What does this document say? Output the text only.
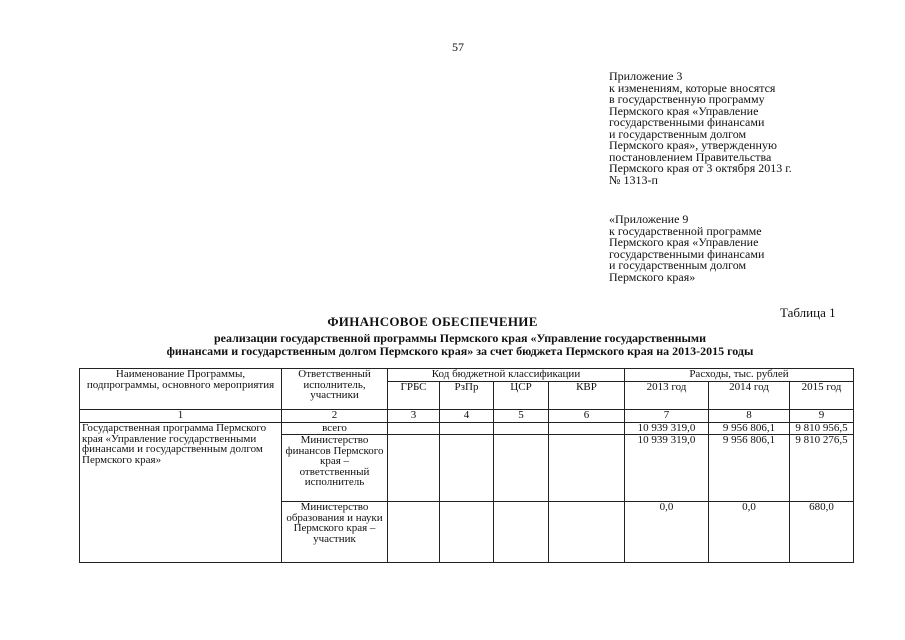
57
Приложение 3
к изменениям, которые вносятся
в государственную программу
Пермского края «Управление
государственными финансами
и государственным долгом
Пермского края», утвержденную
постановлением Правительства
Пермского края от 3 октября 2013 г.
№ 1313-п
«Приложение 9
к государственной программе
Пермского края «Управление
государственными финансами
и государственным долгом
Пермского края»
Таблица 1
ФИНАНСОВОЕ ОБЕСПЕЧЕНИЕ
реализации государственной программы Пермского края «Управление государственными
финансами и государственным долгом Пермского края» за счет бюджета Пермского края на 2013-2015 годы
Наименование Программы, подпрограммы, основного мероприятия	Ответственный исполнитель, участники	Код бюджетной классификации				Расходы, тыс. рублей		
		ГРБС	РзПр	ЦСР	КВР	2013 год	2014 год	2015 год
1	2	3	4	5	6	7	8	9
Государственная программа Пермского края «Управление государственными финансами и государственным долгом Пермского края»	всего					10 939 319,0	9 956 806,1	9 810 956,5
	Министерство финансов Пермского края – ответственный исполнитель					10 939 319,0	9 956 806,1	9 810 276,5
	Министерство образования и науки Пермского края – участник					0,0	0,0	680,0
